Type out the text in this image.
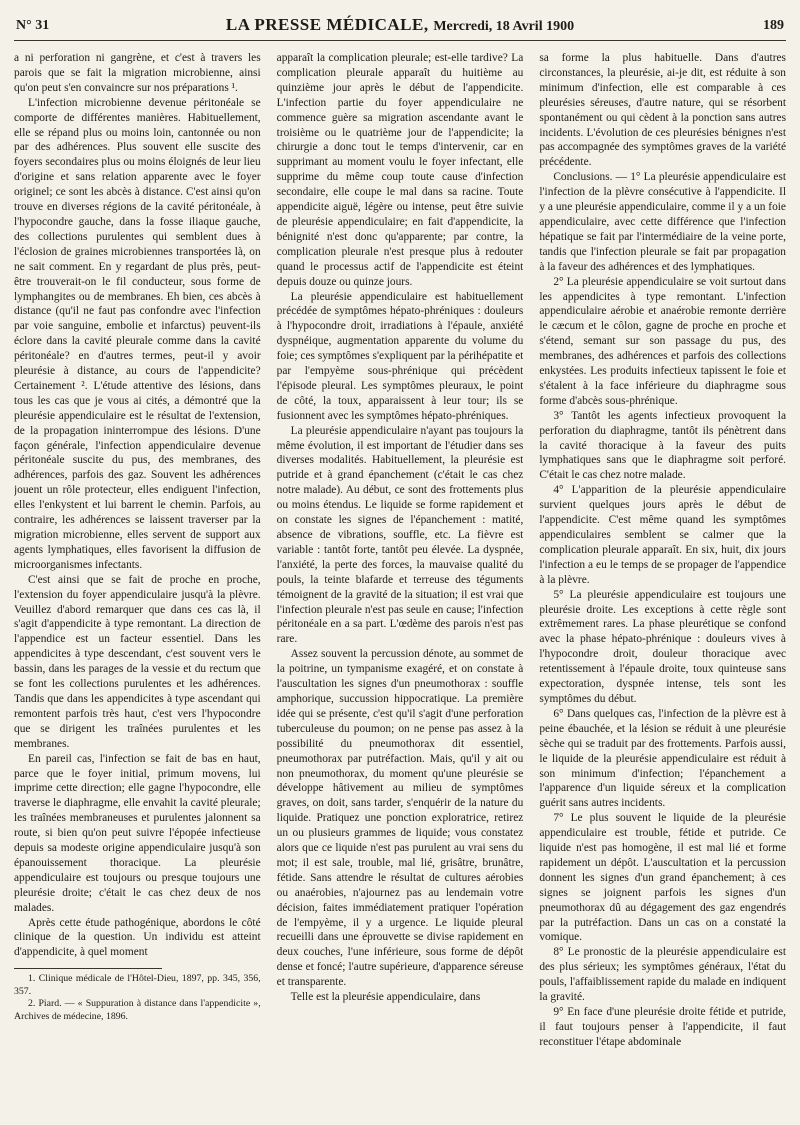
N° 31	LA PRESSE MÉDICALE, Mercredi, 18 Avril 1900	189

a ni perforation ni gangrène, et c'est à travers les parois que se fait la migration microbienne, ainsi qu'on peut s'en convaincre sur nos préparations ¹.

L'infection microbienne devenue péritonéale se comporte de différentes manières. Habituellement, elle se répand plus ou moins loin, cantonnée ou non par des adhérences. Plus souvent elle suscite des foyers secondaires plus ou moins éloignés de leur lieu d'origine et sans relation apparente avec le foyer originel; ce sont les abcès à distance. C'est ainsi qu'on trouve en diverses régions de la cavité péritonéale, à l'hypocondre gauche, dans la fosse iliaque gauche, des collections purulentes qui semblent dues à l'éclosion de graines microbiennes transportées là, on ne sait comment. En y regardant de plus près, peut-être trouverait-on le fil conducteur, sous forme de lymphangites ou de membranes. Eh bien, ces abcès à distance (qu'il ne faut pas confondre avec l'infection par voie sanguine, embolie et infarctus) peuvent-ils éclore dans la cavité pleurale comme dans la cavité péritonéale? en d'autres termes, peut-il y avoir pleurésie à distance, au cours de l'appendicite? Certainement ². L'étude attentive des lésions, dans tous les cas que je vous ai cités, a démontré que la pleurésie appendiculaire est le résultat de l'extension, de la propagation ininterrompue des lésions. D'une façon générale, l'infection appendiculaire devenue péritonéale suscite du pus, des membranes, des adhérences, parfois des gaz. Souvent les adhérences jouent un rôle protecteur, elles endiguent l'infection, elles l'enkystent et lui barrent le chemin. Parfois, au contraire, les adhérences se laissent traverser par la migration microbienne, elles servent de support aux agents lymphatiques, elles favorisent la diffusion de microorganismes infectants.

C'est ainsi que se fait de proche en proche, l'extension du foyer appendiculaire jusqu'à la plèvre. Veuillez d'abord remarquer que dans ces cas là, il s'agit d'appendicite à type remontant. La direction de l'appendice est un facteur essentiel. Dans les appendicites à type descendant, c'est souvent vers le bassin, dans les parages de la vessie et du rectum que se font les collections purulentes et les adhérences. Tandis que dans les appendicites à type ascendant qui remontent parfois très haut, c'est vers l'hypocondre que se dirigent les traînées purulentes et les membranes.

En pareil cas, l'infection se fait de bas en haut, parce que le foyer initial, primum movens, lui imprime cette direction; elle gagne l'hypocondre, elle traverse le diaphragme, elle envahit la cavité pleurale; les traînées membraneuses et purulentes jalonnent sa route, si bien qu'on peut suivre l'épopée infectieuse depuis sa modeste origine appendiculaire jusqu'à son épanouissement thoracique. La pleurésie appendiculaire est toujours ou presque toujours une pleurésie droite; c'était le cas chez deux de nos malades.

Après cette étude pathogénique, abordons le côté clinique de la question. Un individu est atteint d'appendicite, à quel moment

1. Clinique médicale de l'Hôtel-Dieu, 1897, pp. 345, 356, 357.

2. Piard. — « Suppuration à distance dans l'appendicite », Archives de médecine, 1896.

apparaît la complication pleurale; est-elle tardive? La complication pleurale apparaît du huitième au quinzième jour après le début de l'appendicite. L'infection partie du foyer appendiculaire ne commence guère sa migration ascendante avant le troisième ou le quatrième jour de l'appendicite; la chirurgie a donc tout le temps d'intervenir, car en supprimant au moment voulu le foyer infectant, elle supprime du même coup toute cause d'infection secondaire, elle coupe le mal dans sa racine. Toute appendicite aiguë, légère ou intense, peut être suivie de pleurésie appendiculaire; en fait d'appendicite, la bénignité n'est donc qu'apparente; par contre, la complication pleurale n'est presque plus à redouter quand le processus actif de l'appendicite est éteint depuis douze ou quinze jours.

La pleurésie appendiculaire est habituellement précédée de symptômes hépato-phréniques : douleurs à l'hypocondre droit, irradiations à l'épaule, anxiété dyspnéique, augmentation apparente du volume du foie; ces symptômes s'expliquent par la périhépatite et par l'empyème sous-phrénique qui précèdent l'épisode pleural. Les symptômes pleuraux, le point de côté, la toux, apparaissent à leur tour; ils se fusionnent avec les symptômes hépato-phréniques.

La pleurésie appendiculaire n'ayant pas toujours la même évolution, il est important de l'étudier dans ses diverses modalités. Habituellement, la pleurésie est putride et à grand épanchement (c'était le cas chez notre malade). Au début, ce sont des frottements plus ou moins étendus. Le liquide se forme rapidement et on constate les signes de l'épanchement : matité, absence de vibrations, souffle, etc. La fièvre est variable : tantôt forte, tantôt peu élevée. La dyspnée, l'anxiété, la perte des forces, la mauvaise qualité du pouls, la teinte blafarde et terreuse des téguments témoignent de la gravité de la situation; il est vrai que l'infection pleurale n'est pas seule en cause; l'infection péritonéale en a sa part. L'œdème des parois n'est pas rare.

Assez souvent la percussion dénote, au sommet de la poitrine, un tympanisme exagéré, et on constate à l'auscultation les signes d'un pneumothorax : souffle amphorique, succussion hippocratique. La première idée qui se présente, c'est qu'il s'agit d'une perforation tuberculeuse du poumon; on ne pense pas assez à la possibilité du pneumothorax dit essentiel, pneumothorax par putréfaction. Mais, qu'il y ait ou non pneumothorax, du moment qu'une pleurésie se développe hâtivement au milieu de symptômes graves, on doit, sans tarder, s'enquérir de la nature du liquide. Pratiquez une ponction exploratrice, retirez un ou plusieurs grammes de liquide; vous constatez alors que ce liquide n'est pas purulent au vrai sens du mot; il est sale, trouble, mal lié, grisâtre, brunâtre, fétide. Sans attendre le résultat de cultures aérobies ou anaérobies, n'ajournez pas au lendemain votre décision, faites immédiatement pratiquer l'opération de l'empyème, il y a urgence. Le liquide pleural recueilli dans une éprouvette se divise rapidement en deux couches, l'une inférieure, sous forme de dépôt dense et foncé; l'autre supérieure, d'apparence séreuse et transparente.

Telle est la pleurésie appendiculaire, dans

sa forme la plus habituelle. Dans d'autres circonstances, la pleurésie, ai-je dit, est réduite à son minimum d'infection, elle est comparable à ces pleurésies séreuses, d'autre nature, qui se résorbent spontanément ou qui cèdent à la ponction sans autres incidents. L'évolution de ces pleurésies bénignes n'est pas accompagnée des symptômes graves de la variété précédente.

Conclusions. — 1° La pleurésie appendiculaire est l'infection de la plèvre consécutive à l'appendicite. Il y a une pleurésie appendiculaire, comme il y a un foie appendiculaire, avec cette différence que l'infection hépatique se fait par l'intermédiaire de la veine porte, tandis que l'infection pleurale se fait par propagation à la faveur des adhérences et des lymphatiques.

2° La pleurésie appendiculaire se voit surtout dans les appendicites à type remontant. L'infection appendiculaire aérobie et anaérobie remonte derrière le cæcum et le côlon, gagne de proche en proche et s'étend, semant sur son passage du pus, des membranes, des adhérences et parfois des collections enkystées. Les produits infectieux tapissent le foie et s'étalent à la face inférieure du diaphragme sous forme d'abcès sous-phrénique.

3° Tantôt les agents infectieux provoquent la perforation du diaphragme, tantôt ils pénètrent dans la cavité thoracique à la faveur des puits lymphatiques sans que le diaphragme soit perforé. C'était le cas chez notre malade.

4° L'apparition de la pleurésie appendiculaire survient quelques jours après le début de l'appendicite. C'est même quand les symptômes appendiculaires semblent se calmer que la complication pleurale apparaît. En six, huit, dix jours l'infection a eu le temps de se propager de l'appendice à la plèvre.

5° La pleurésie appendiculaire est toujours une pleurésie droite. Les exceptions à cette règle sont extrêmement rares. La phase pleurétique se confond avec la phase hépato-phrénique : douleurs vives à l'hypocondre droit, douleur thoracique avec retentissement à l'épaule droite, toux quinteuse sans expectoration, dyspnée intense, tels sont les symptômes du début.

6° Dans quelques cas, l'infection de la plèvre est à peine ébauchée, et la lésion se réduit à une pleurésie sèche qui se traduit par des frottements. Parfois aussi, le liquide de la pleurésie appendiculaire est réduit à son minimum d'infection; l'épanchement a l'apparence d'un liquide séreux et la complication guérit sans autres incidents.

7° Le plus souvent le liquide de la pleurésie appendiculaire est trouble, fétide et putride. Ce liquide n'est pas homogène, il est mal lié et forme rapidement un dépôt. L'auscultation et la percussion donnent les signes d'un grand épanchement; à ces signes se joignent parfois les signes d'un pneumothorax dû au dégagement des gaz engendrés par la putréfaction. Dans un cas on a constaté la vomique.

8° Le pronostic de la pleurésie appendiculaire est des plus sérieux; les symptômes généraux, l'état du pouls, l'affaiblissement rapide du malade en indiquent la gravité.

9° En face d'une pleurésie droite fétide et putride, il faut toujours penser à l'appendicite, il faut reconstituer l'étape abdominale
